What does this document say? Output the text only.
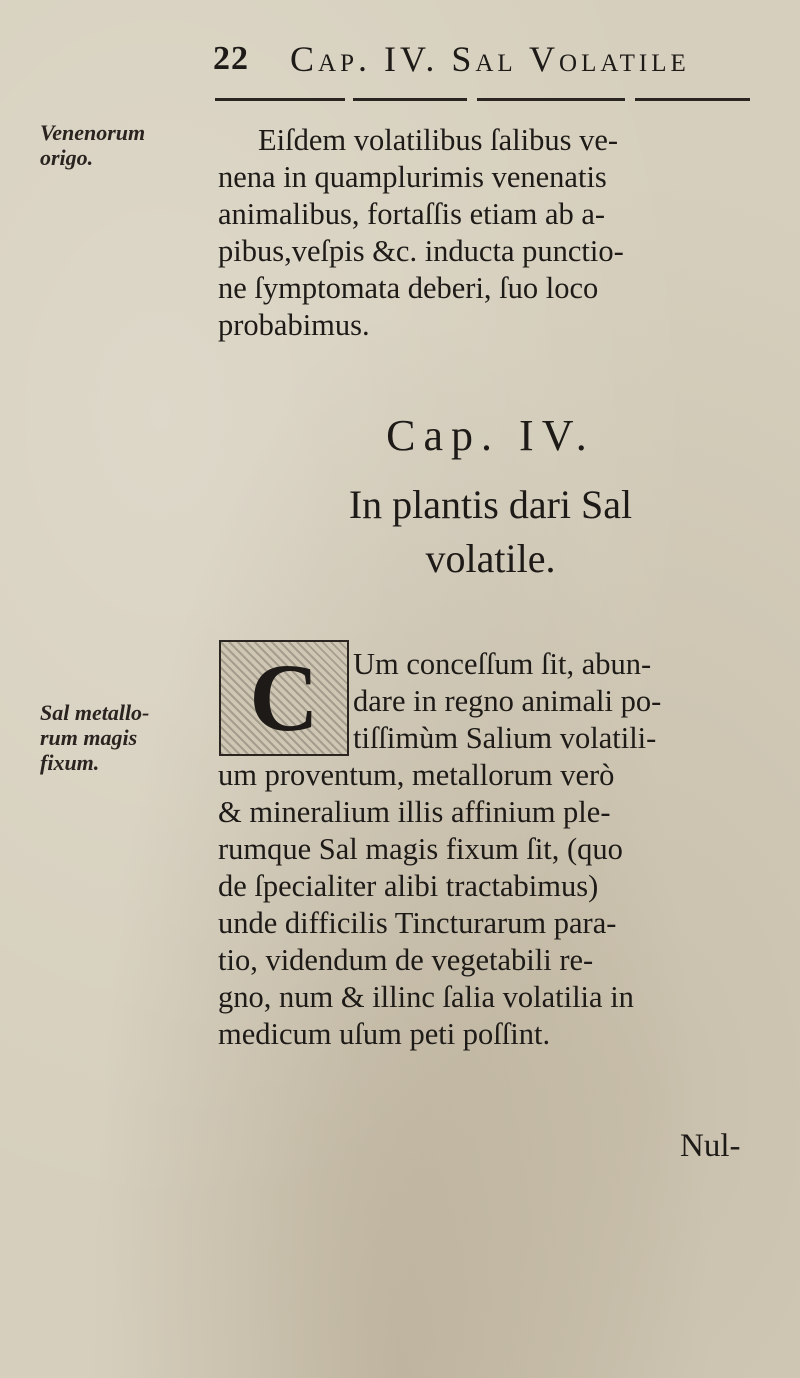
22 Cap. IV. Sal Volatile
Venenorum
origo.
Sal metallo-
rum magis
fixum.
Eiſdem volatilibus ſalibus ve-
nena in quamplurimis venenatis
animalibus, fortaſſis etiam ab a-
pibus,veſpis &c. inducta punctio-
ne ſymptomata deberi, ſuo loco
probabimus.
Cap. IV.
In plantis dari Sal
volatile.
C	Um conceſſum ſit, abun-
dare in regno animali po-
tiſſimùm Salium volatili-
um proventum, metallorum verò
& mineralium illis affinium ple-
rumque Sal magis fixum ſit, (quo
de ſpecialiter alibi tractabimus)
unde difficilis Tincturarum para-
tio, videndum de vegetabili re-
gno, num & illinc ſalia volatilia in
medicum uſum peti poſſint.
Nul-
